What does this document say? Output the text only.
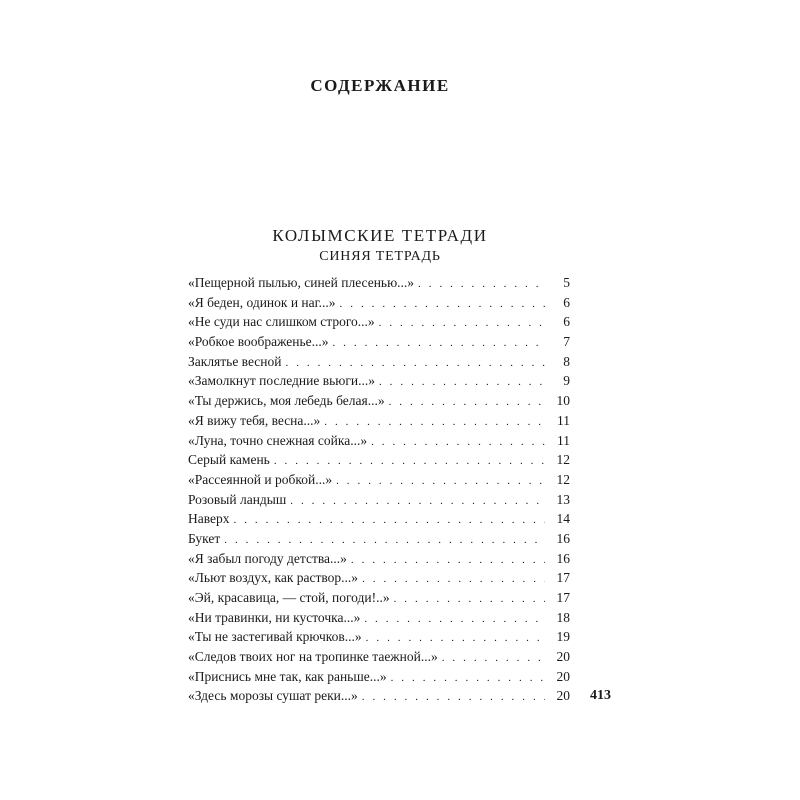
СОДЕРЖАНИЕ
КОЛЫМСКИЕ ТЕТРАДИ
СИНЯЯ ТЕТРАДЬ
«Пещерной пылью, синей плесенью...» . . .	5
«Я беден, одинок и наг...» . . .	6
«Не суди нас слишком строго...» . . .	6
«Робкое воображенье...» . . .	7
Заклятье весной . . .	8
«Замолкнут последние вьюги...» . . .	9
«Ты держись, моя лебедь белая...» . . .	10
«Я вижу тебя, весна...» . . .	11
«Луна, точно снежная сойка...» . . .	11
Серый камень . . .	12
«Рассеянной и робкой...» . . .	12
Розовый ландыш . . .	13
Наверх . . .	14
Букет . . .	16
«Я забыл погоду детства...» . . .	16
«Льют воздух, как раствор...» . . .	17
«Эй, красавица, — стой, погоди!..» . . .	17
«Ни травинки, ни кусточка...» . . .	18
«Ты не застегивай крючков...» . . .	19
«Следов твоих ног на тропинке таежной...» . . .	20
«Приснись мне так, как раньше...» . . .	20
«Здесь морозы сушат реки...» . . .	20 413
